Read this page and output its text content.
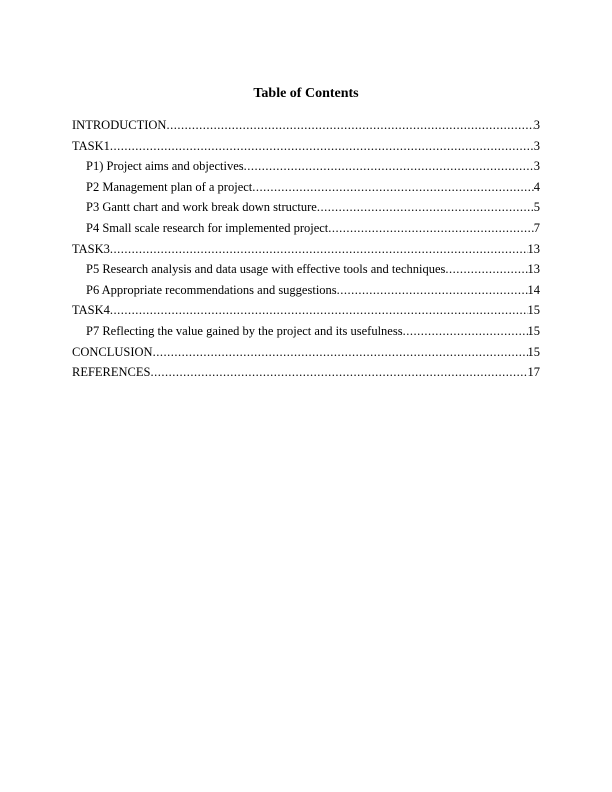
Table of Contents
INTRODUCTION .....	3
TASK1 .....	3
P1) Project aims and objectives .....	3
P2 Management plan of a project .....	4
P3 Gantt chart and work break down structure .....	5
P4 Small scale research for implemented project .....	7
TASK3 .....	13
P5 Research analysis and data usage with effective tools and techniques .....	13
P6 Appropriate recommendations and suggestions .....	14
TASK4 .....	15
P7 Reflecting the value gained by the project and its usefulness .....	15
CONCLUSION .....	15
REFERENCES .....	17
